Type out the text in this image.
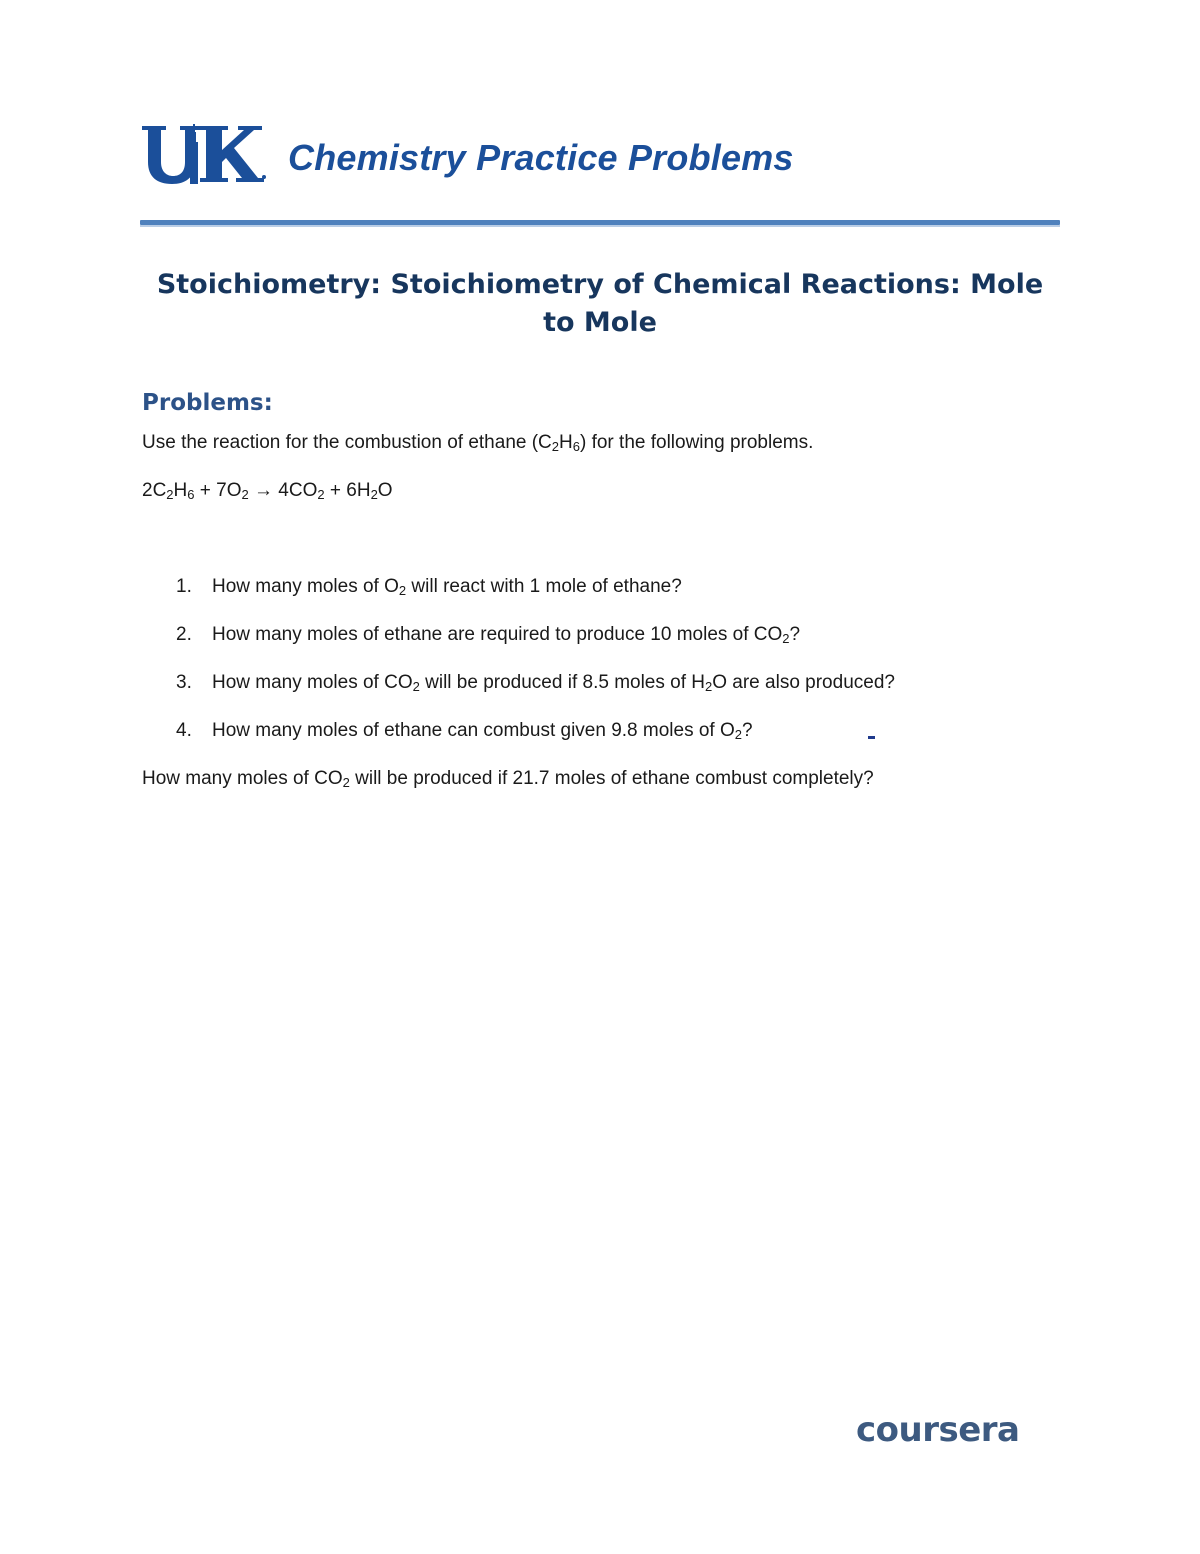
Chemistry Practice Problems
Stoichiometry: Stoichiometry of Chemical Reactions: Mole
to Mole
Problems:
Use the reaction for the combustion of ethane $(C_2H_6)$ for the following problems.
$2C_2H_6 + 7O_2 \to 4CO_2 + 6H_2O$
1. How many moles of $O_2$ will react with 1 mole of ethane?
2. How many moles of ethane are required to produce 10 moles of $CO_2$?
3. How many moles of $CO_2$ will be produced if 8.5 moles of $H_2O$ are also produced?
4. How many moles of ethane can combust given 9.8 moles of $O_2$?
How many moles of $CO_2$ will be produced if 21.7 moles of ethane combust completely?
coursera
